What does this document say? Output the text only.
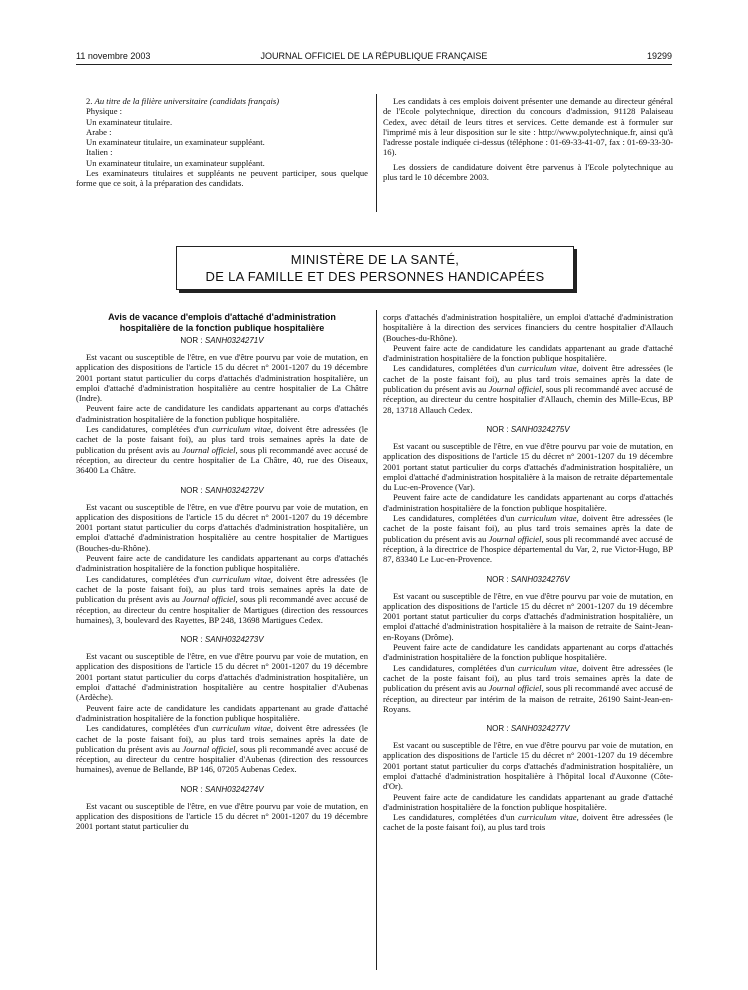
JOURNAL OFFICIEL DE LA RÉPUBLIQUE FRANÇAISE
11 novembre 2003	19299

2. Au titre de la filière universitaire (candidats français)

Physique :

Un examinateur titulaire.

Arabe :

Un examinateur titulaire, un examinateur suppléant.

Italien :

Un examinateur titulaire, un examinateur suppléant.

Les examinateurs titulaires et suppléants ne peuvent participer, sous quelque forme que ce soit, à la préparation des candidats.

Les candidats à ces emplois doivent présenter une demande au directeur général de l'Ecole polytechnique, direction du concours d'admission, 91128 Palaiseau Cedex, avec détail de leurs titres et services. Cette demande est à formuler sur l'imprimé mis à leur disposition sur le site : http://www.polytechnique.fr, ainsi qu'à l'adresse postale indiquée ci-dessus (téléphone : 01-69-33-41-07, fax : 01-69-33-30-16).

Les dossiers de candidature doivent être parvenus à l'Ecole polytechnique au plus tard le 10 décembre 2003.

MINISTÈRE DE LA SANTÉ,
DE LA FAMILLE ET DES PERSONNES HANDICAPÉES
Avis de vacance d'emplois d'attaché d'administration
hospitalière de la fonction publique hospitalière
NOR : SANH0324271V

Est vacant ou susceptible de l'être, en vue d'être pourvu par voie de mutation, en application des dispositions de l'article 15 du décret n° 2001-1207 du 19 décembre 2001 portant statut particulier du corps d'attachés d'administration hospitalière, un emploi d'attaché d'administration hospitalière au centre hospitalier de La Châtre (Indre).

Peuvent faire acte de candidature les candidats appartenant au corps d'attachés d'administration hospitalière de la fonction publique hospitalière.

Les candidatures, complétées d'un curriculum vitae, doivent être adressées (le cachet de la poste faisant foi), au plus tard trois semaines après la date de publication du présent avis au Journal officiel, sous pli recommandé avec accusé de réception, au directeur du centre hospitalier de La Châtre, 40, rue des Oiseaux, 36400 La Châtre.

NOR : SANH0324272V

Est vacant ou susceptible de l'être, en vue d'être pourvu par voie de mutation, en application des dispositions de l'article 15 du décret n° 2001-1207 du 19 décembre 2001 portant statut particulier du corps d'attachés d'administration hospitalière, un emploi d'attaché d'administration hospitalière au centre hospitalier de Martigues (Bouches-du-Rhône).

Peuvent faire acte de candidature les candidats appartenant au corps d'attachés d'administration hospitalière de la fonction publique hospitalière.

Les candidatures, complétées d'un curriculum vitae, doivent être adressées (le cachet de la poste faisant foi), au plus tard trois semaines après la date de publication du présent avis au Journal officiel, sous pli recommandé avec accusé de réception, au directeur du centre hospitalier de Martigues (direction des ressources humaines), 3, boulevard des Rayettes, BP 248, 13698 Martigues Cedex.

NOR : SANH0324273V

Est vacant ou susceptible de l'être, en vue d'être pourvu par voie de mutation, en application des dispositions de l'article 15 du décret n° 2001-1207 du 19 décembre 2001 portant statut particulier du corps d'attachés d'administration hospitalière, un emploi d'attaché d'administration hospitalière au centre hospitalier d'Aubenas (Ardèche).

Peuvent faire acte de candidature les candidats appartenant au grade d'attaché d'administration hospitalière de la fonction publique hospitalière.

Les candidatures, complétées d'un curriculum vitae, doivent être adressées (le cachet de la poste faisant foi), au plus tard trois semaines après la date de publication du présent avis au Journal officiel, sous pli recommandé avec accusé de réception, au directeur du centre hospitalier d'Aubenas (direction des ressources humaines), avenue de Bellande, BP 146, 07205 Aubenas Cedex.

NOR : SANH0324274V

Est vacant ou susceptible de l'être, en vue d'être pourvu par voie de mutation, en application des dispositions de l'article 15 du décret n° 2001-1207 du 19 décembre 2001 portant statut particulier du

corps d'attachés d'administration hospitalière, un emploi d'attaché d'administration hospitalière à la direction des services financiers du centre hospitalier d'Allauch (Bouches-du-Rhône).

Peuvent faire acte de candidature les candidats appartenant au grade d'attaché d'administration hospitalière de la fonction publique hospitalière.

Les candidatures, complétées d'un curriculum vitae, doivent être adressées (le cachet de la poste faisant foi), au plus tard trois semaines après la date de publication du présent avis au Journal officiel, sous pli recommandé avec accusé de réception, au directeur du centre hospitalier d'Allauch, chemin des Mille-Ecus, BP 28, 13718 Allauch Cedex.

NOR : SANH0324275V

Est vacant ou susceptible de l'être, en vue d'être pourvu par voie de mutation, en application des dispositions de l'article 15 du décret n° 2001-1207 du 19 décembre 2001 portant statut particulier du corps d'attachés d'administration hospitalière, un emploi d'attaché d'administration hospitalière à la maison de retraite départementale du Luc-en-Provence (Var).

Peuvent faire acte de candidature les candidats appartenant au corps d'attachés d'administration hospitalière de la fonction publique hospitalière.

Les candidatures, complétées d'un curriculum vitae, doivent être adressées (le cachet de la poste faisant foi), au plus tard trois semaines après la date de publication du présent avis au Journal officiel, sous pli recommandé avec accusé de réception, à la directrice de l'hospice départemental du Var, 2, rue Victor-Hugo, BP 87, 83340 Le Luc-en-Provence.

NOR : SANH0324276V

Est vacant ou susceptible de l'être, en vue d'être pourvu par voie de mutation, en application des dispositions de l'article 15 du décret n° 2001-1207 du 19 décembre 2001 portant statut particulier du corps d'attachés d'administration hospitalière, un emploi d'attaché d'administration hospitalière à la maison de retraite de Saint-Jean-en-Royans (Drôme).

Peuvent faire acte de candidature les candidats appartenant au corps d'attachés d'administration hospitalière de la fonction publique hospitalière.

Les candidatures, complétées d'un curriculum vitae, doivent être adressées (le cachet de la poste faisant foi), au plus tard trois semaines après la date de publication du présent avis au Journal officiel, sous pli recommandé avec accusé de réception, au directeur par intérim de la maison de retraite, 26190 Saint-Jean-en-Royans.

NOR : SANH0324277V

Est vacant ou susceptible de l'être, en vue d'être pourvu par voie de mutation, en application des dispositions de l'article 15 du décret n° 2001-1207 du 19 décembre 2001 portant statut particulier du corps d'attachés d'administration hospitalière, un emploi d'attaché d'administration hospitalière à l'hôpital local d'Auxonne (Côte-d'Or).

Peuvent faire acte de candidature les candidats appartenant au grade d'attaché d'administration hospitalière de la fonction publique hospitalière.

Les candidatures, complétées d'un curriculum vitae, doivent être adressées (le cachet de la poste faisant foi), au plus tard trois
